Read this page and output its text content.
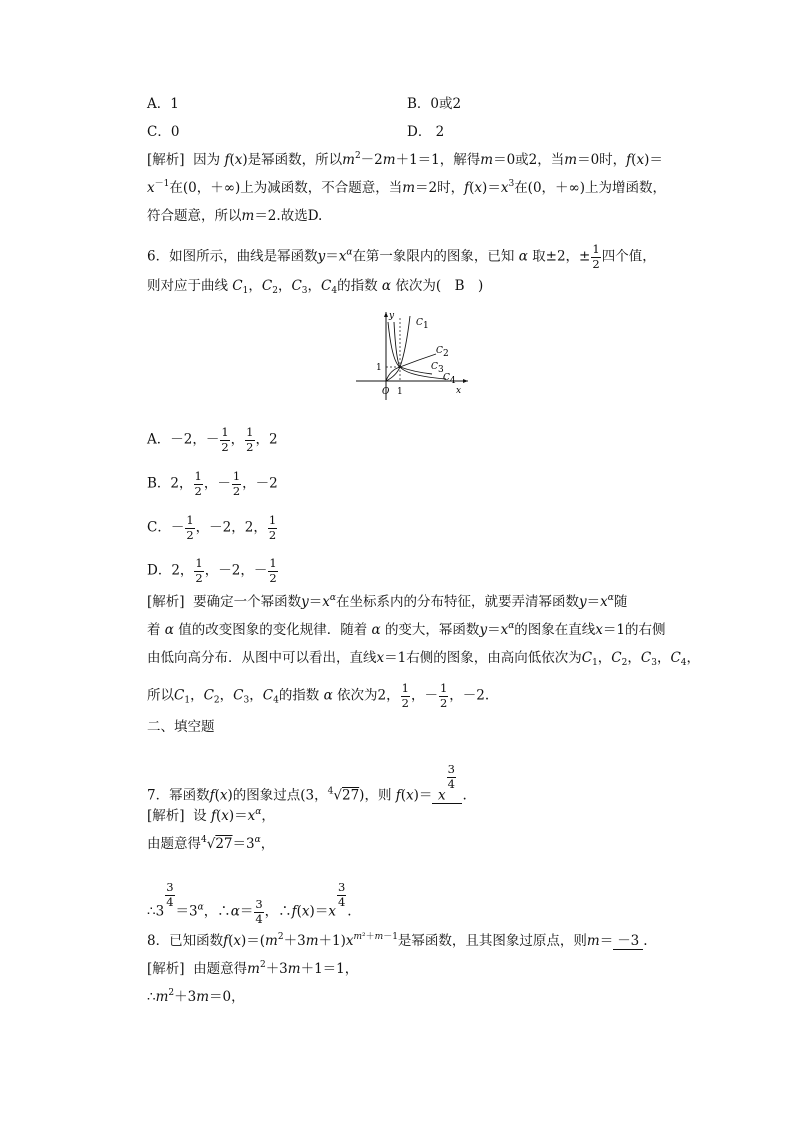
A．1	B．0或2
C．0	D． 2
[解析] 因为 f(x)是幂函数，所以$m^2-2m+1=1$，解得m＝0或2，当m＝0时，f(x)＝
$x^{-1}$在(0，＋∞)上为减函数，不合题意，当m＝2时，$f(x)=x^3$在(0，＋∞)上为增函数，
符合题意，所以m＝2.故选D.
6．如图所示，曲线是幂函数$y=x^\alpha$在第一象限内的图象，已知 α 取±2，± $\frac{1}{2}$ 四个值，
则对应于曲线 $C_1$，$C_2$，$C_3$，$C_4$的指数 α 依次为(　B　)
y
x
O 1
1
C 1
C 2
C 3
C 4
A．－2，－ $\frac{1}{2}$ ， $\frac{1}{2}$ ，2
B．2， $\frac{1}{2}$ ，－ $\frac{1}{2}$ ，－2
C．－ $\frac{1}{2}$ ，－2，2， $\frac{1}{2}$
D．2， $\frac{1}{2}$ ，－2，－ $\frac{1}{2}$
[解析] 要确定一个幂函数$y=x^\alpha$在坐标系内的分布特征，就要弄清幂函数$y=x^\alpha$随
着 α 值的改变图象的变化规律．随着 α 的变大，幂函数$y=x^\alpha$的图象在直线x＝1的右侧
由低向高分布．从图中可以看出，直线x＝1右侧的图象，由高向低依次为$C_1$，$C_2$，$C_3$，$C_4$，
所以$C_1$，$C_2$，$C_3$，$C_4$的指数 α 依次为2， $\frac{1}{2}$ ，－ $\frac{1}{2}$ ，－2.
二、填空题
7．幂函数f(x)的图象过点(3，$^4$√27)，则 f(x)＝ x
$\frac{3}{4}$
.
[解析] 设 $f(x)=x^\alpha$，
由题意得$^4√27=3^\alpha$，
∴3
$\frac{3}{4}$
$=3^\alpha$，∴α＝ $\frac{3}{4}$ ，∴f(x)＝x
$\frac{3}{4}$
.
8．已知函数$f(x)=(m^2+3m+1)x^{m^2+m-1}$是幂函数，且其图象过原点，则m＝ －3 .
[解析] 由题意得$m^2+3m+1=1$，
$\therefore m^2+3m=0$，
